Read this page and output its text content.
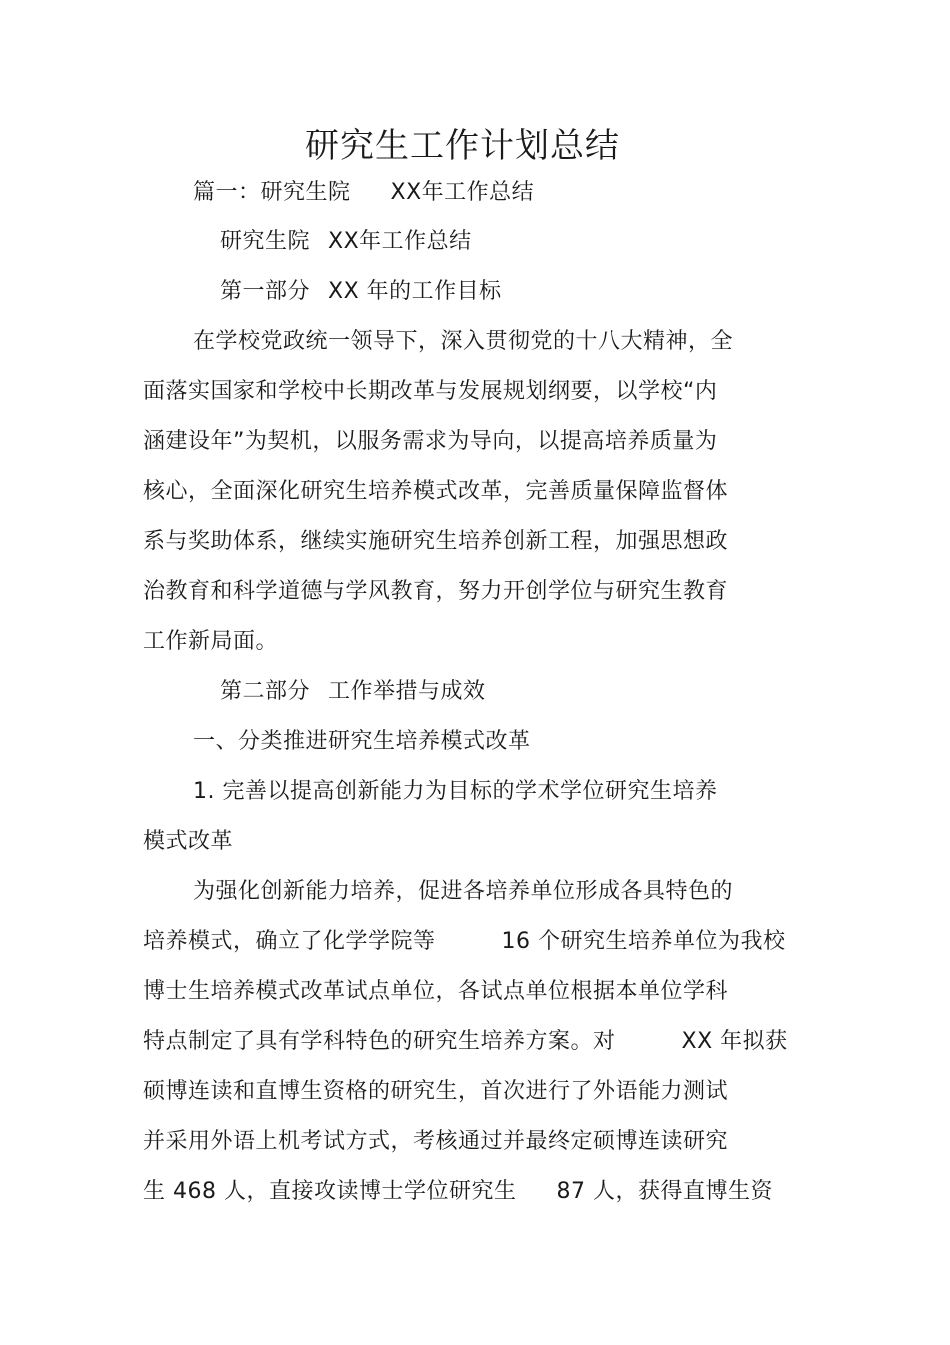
研究生工作计划总结
篇一：研究生院 XX年工作总结
研究生院 XX年工作总结
第一部分 XX 年的工作目标
在学校党政统一领导下，深入贯彻党的十八大精神，全
面落实国家和学校中长期改革与发展规划纲要，以学校“内
涵建设年”为契机，以服务需求为导向，以提高培养质量为
核心，全面深化研究生培养模式改革，完善质量保障监督体
系与奖助体系，继续实施研究生培养创新工程，加强思想政
治教育和科学道德与学风教育，努力开创学位与研究生教育
工作新局面。
第二部分 工作举措与成效
一、分类推进研究生培养模式改革
1. 完善以提高创新能力为目标的学术学位研究生培养
模式改革
为强化创新能力培养，促进各培养单位形成各具特色的
培养模式，确立了化学学院等	16 个研究生培养单位为我校
博士生培养模式改革试点单位，各试点单位根据本单位学科
特点制定了具有学科特色的研究生培养方案。对	XX 年拟获
硕博连读和直博生资格的研究生，首次进行了外语能力测试
并采用外语上机考试方式，考核通过并最终定硕博连读研究
生 468 人，直接攻读博士学位研究生 87 人，获得直博生资
